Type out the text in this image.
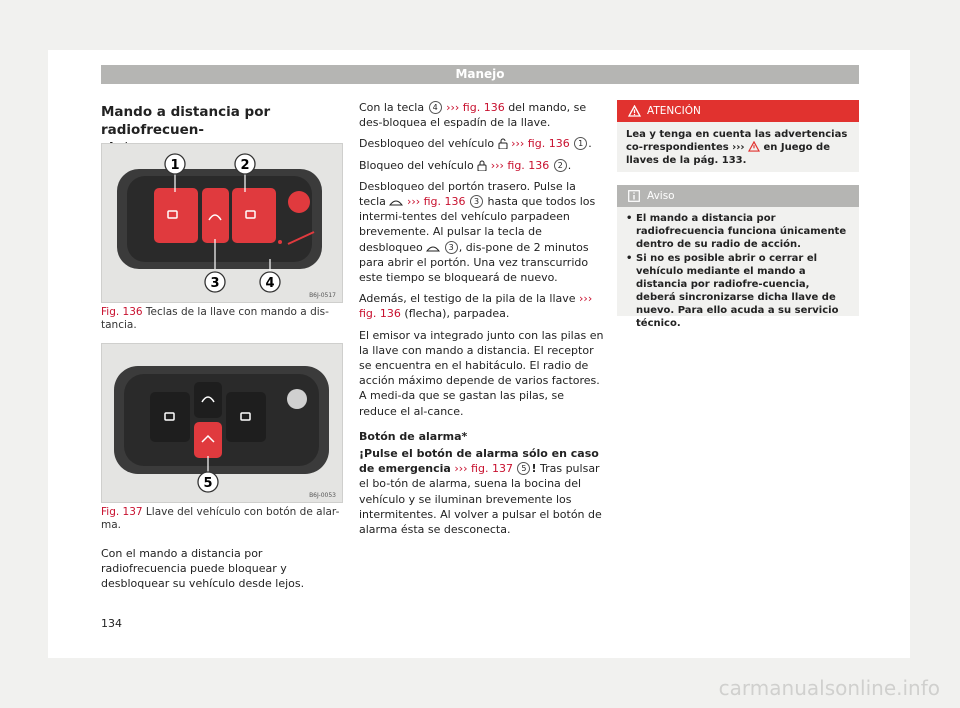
Manejo

Mando a distancia por radiofrecuen-

1	2
3	4
B6J-0517
Fig. 136 Teclas de la llave con mando a dis-tancia.
5
B6J-0053
Fig. 137 Llave del vehículo con botón de alar-ma.

Con el mando a distancia por radiofrecuencia puede bloquear y desbloquear su vehículo desde lejos.

Con la tecla 4 ››› fig. 136 del mando, se des-bloquea el espadín de la llave.

Desbloqueo del vehículo ››› fig. 136 1 .

Bloqueo del vehículo ››› fig. 136 2 .

Desbloqueo del portón trasero. Pulse la tecla ››› fig. 136 3 hasta que todos los intermi-tentes del vehículo parpadeen brevemente. Al pulsar la tecla de desbloqueo	3 , dis-pone de 2 minutos para abrir el portón. Una vez transcurrido este tiempo se bloqueará de nuevo.

Además, el testigo de la pila de la llave ››› fig. 136 (flecha), parpadea.

El emisor va integrado junto con las pilas en la llave con mando a distancia. El receptor se encuentra en el habitáculo. El radio de acción máximo depende de varios factores. A medi-da que se gastan las pilas, se reduce el al-cance.

Botón de alarma*

¡Pulse el botón de alarma sólo en caso de emergencia ››› fig. 137 5 ! Tras pulsar el bo-tón de alarma, suena la bocina del vehículo y se iluminan brevemente los intermitentes. Al volver a pulsar el botón de alarma ésta se desconecta.

ATENCIÓN
Lea y tenga en cuenta las advertencias co-rrespondientes ››› en Juego de llaves de la pág. 133.
Aviso
• El mando a distancia por radiofrecuencia funciona únicamente dentro de su radio de acción.
• Si no es posible abrir o cerrar el vehículo mediante el mando a distancia por radiofre-cuencia, deberá sincronizarse dicha llave de nuevo. Para ello acuda a su servicio técnico.
134
carmanualsonline.info
